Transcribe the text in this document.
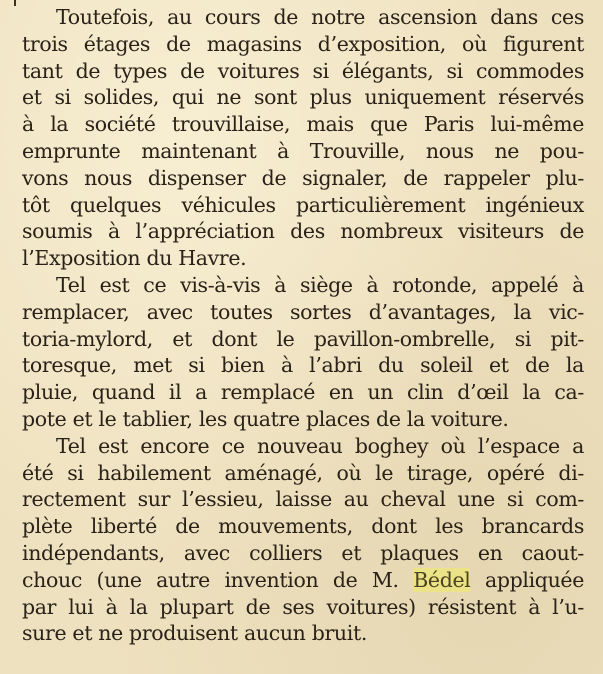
Toutefois, au cours de notre ascension dans ces
trois étages de magasins d’exposition, où figurent
tant de types de voitures si élégants, si commodes
et si solides, qui ne sont plus uniquement réservés
à la société trouvillaise, mais que Paris lui-même
emprunte maintenant à Trouville, nous ne pou-
vons nous dispenser de signaler, de rappeler plu-
tôt quelques véhicules particulièrement ingénieux
soumis à l’appréciation des nombreux visiteurs de
l’Exposition du Havre.
Tel est ce vis-à-vis à siège à rotonde, appelé à
remplacer, avec toutes sortes d’avantages, la vic-
toria-mylord, et dont le pavillon-ombrelle, si pit-
toresque, met si bien à l’abri du soleil et de la
pluie, quand il a remplacé en un clin d’œil la ca-
pote et le tablier, les quatre places de la voiture.
Tel est encore ce nouveau boghey où l’espace a
été si habilement aménagé, où le tirage, opéré di-
rectement sur l’essieu, laisse au cheval une si com-
plète liberté de mouvements, dont les brancards
indépendants, avec colliers et plaques en caout-
chouc (une autre invention de M. Bédel appliquée
par lui à la plupart de ses voitures) résistent à l’u-
sure et ne produisent aucun bruit.
